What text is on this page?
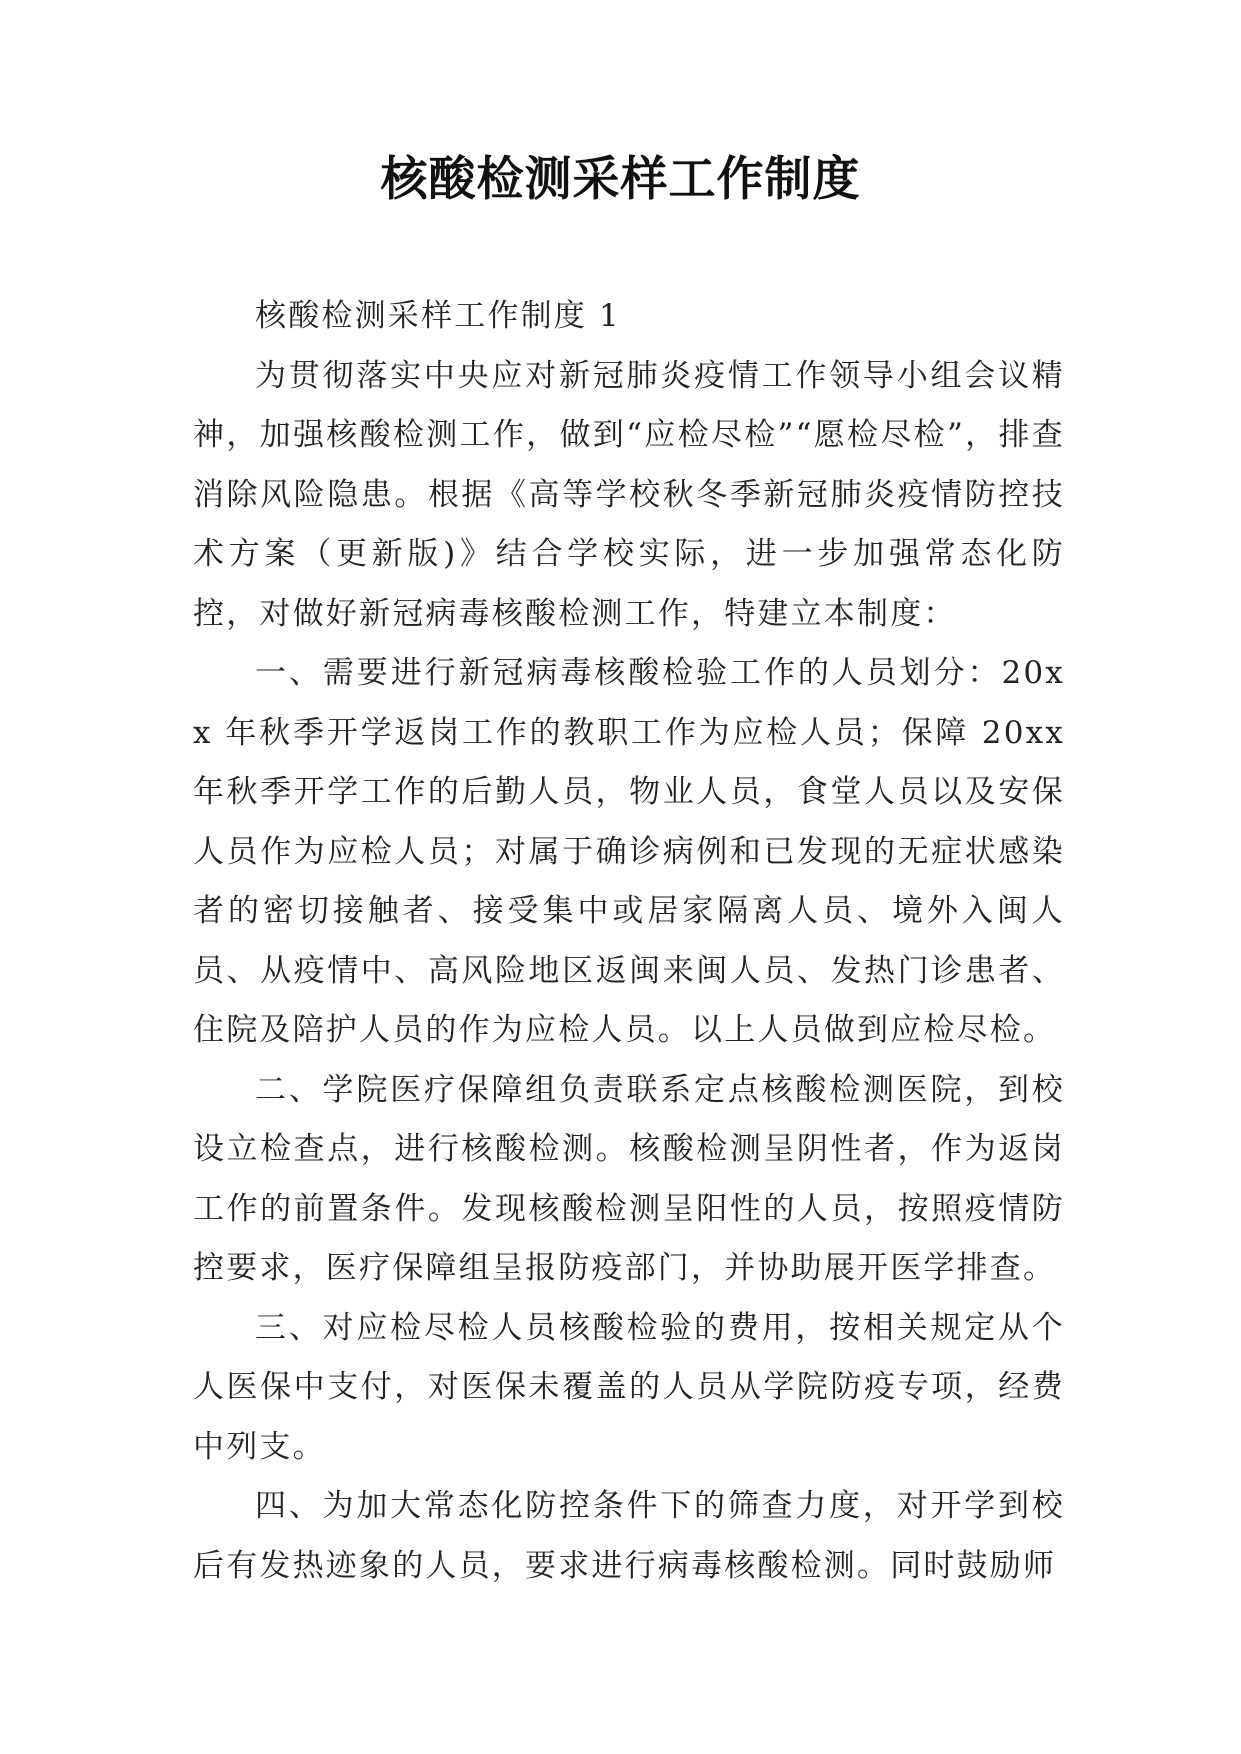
核酸检测采样工作制度

核酸检测采样工作制度 1

为贯彻落实中央应对新冠肺炎疫情工作领导小组会议精神，加强核酸检测工作，做到“应检尽检”“愿检尽检”，排查消除风险隐患。根据《高等学校秋冬季新冠肺炎疫情防控技术方案（更新版)》结合学校实际，进一步加强常态化防控，对做好新冠病毒核酸检测工作，特建立本制度：

一、需要进行新冠病毒核酸检验工作的人员划分：20xx 年秋季开学返岗工作的教职工作为应检人员；保障 20xx 年秋季开学工作的后勤人员，物业人员，食堂人员以及安保人员作为应检人员；对属于确诊病例和已发现的无症状感染者的密切接触者、接受集中或居家隔离人员、境外入闽人员、从疫情中、高风险地区返闽来闽人员、发热门诊患者、住院及陪护人员的作为应检人员。以上人员做到应检尽检。

二、学院医疗保障组负责联系定点核酸检测医院，到校设立检查点，进行核酸检测。核酸检测呈阴性者，作为返岗工作的前置条件。发现核酸检测呈阳性的人员，按照疫情防控要求，医疗保障组呈报防疫部门，并协助展开医学排查。

三、对应检尽检人员核酸检验的费用，按相关规定从个人医保中支付，对医保未覆盖的人员从学院防疫专项，经费中列支。

四、为加大常态化防控条件下的筛查力度，对开学到校后有发热迹象的人员，要求进行病毒核酸检测。同时鼓励师
